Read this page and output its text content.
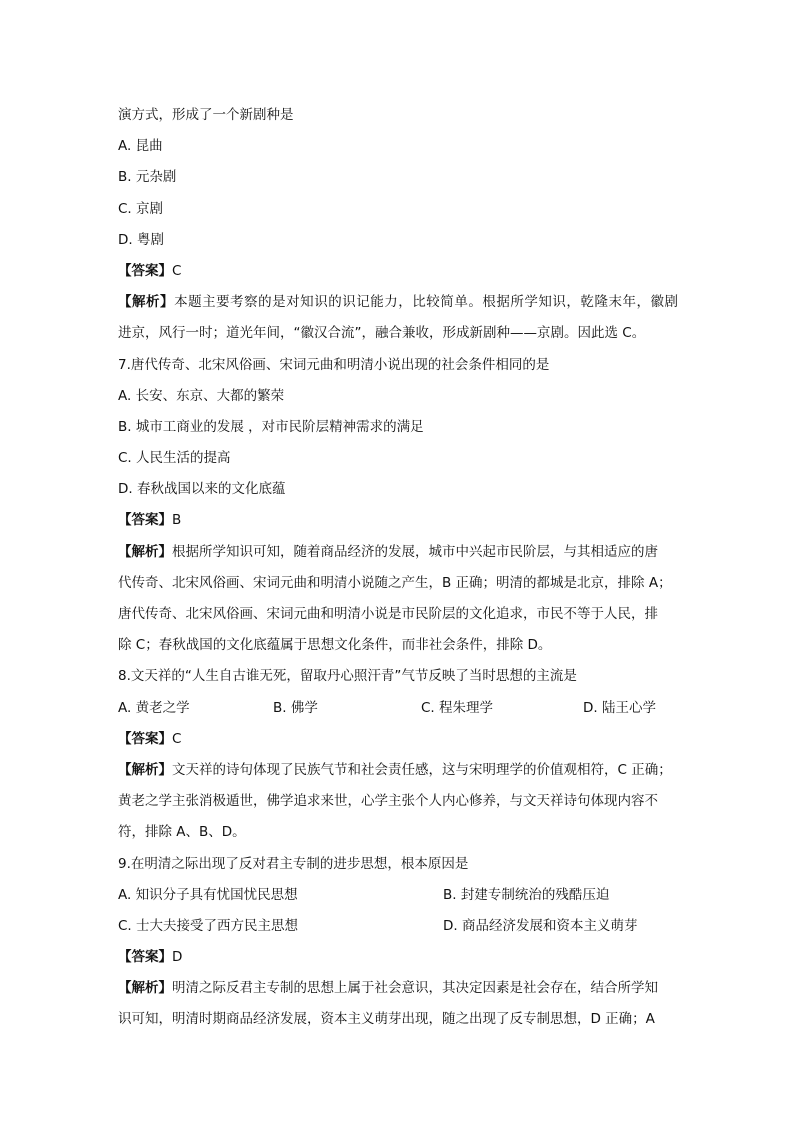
演方式，形成了一个新剧种是
A. 昆曲
B. 元杂剧
C. 京剧
D. 粤剧
【答案】C
【解析】本题主要考察的是对知识的识记能力，比较简单。根据所学知识，乾隆末年，徽剧
进京，风行一时；道光年间，“徽汉合流”，融合兼收，形成新剧种——京剧。因此选 C。
7.唐代传奇、北宋风俗画、宋词元曲和明清小说出现的社会条件相同的是
A. 长安、东京、大都的繁荣
B. 城市工商业的发展 ，对市民阶层精神需求的满足
C. 人民生活的提高
D. 春秋战国以来的文化底蕴
【答案】B
【解析】根据所学知识可知，随着商品经济的发展，城市中兴起市民阶层，与其相适应的唐
代传奇、北宋风俗画、宋词元曲和明清小说随之产生，B 正确；明清的都城是北京，排除 A；
唐代传奇、北宋风俗画、宋词元曲和明清小说是市民阶层的文化追求，市民不等于人民，排
除 C；春秋战国的文化底蕴属于思想文化条件，而非社会条件，排除 D。
8.文天祥的“人生自古谁无死，留取丹心照汗青”气节反映了当时思想的主流是
A. 黄老之学	B. 佛学	C. 程朱理学	D. 陆王心学
【答案】C
【解析】文天祥的诗句体现了民族气节和社会责任感，这与宋明理学的价值观相符，C 正确；
黄老之学主张消极遁世，佛学追求来世，心学主张个人内心修养，与文天祥诗句体现内容不
符，排除 A、B、D。
9.在明清之际出现了反对君主专制的进步思想，根本原因是
A. 知识分子具有忧国忧民思想	B. 封建专制统治的残酷压迫
C. 士大夫接受了西方民主思想	D. 商品经济发展和资本主义萌芽
【答案】D
【解析】明清之际反君主专制的思想上属于社会意识，其决定因素是社会存在，结合所学知
识可知，明清时期商品经济发展，资本主义萌芽出现，随之出现了反专制思想，D 正确；A
